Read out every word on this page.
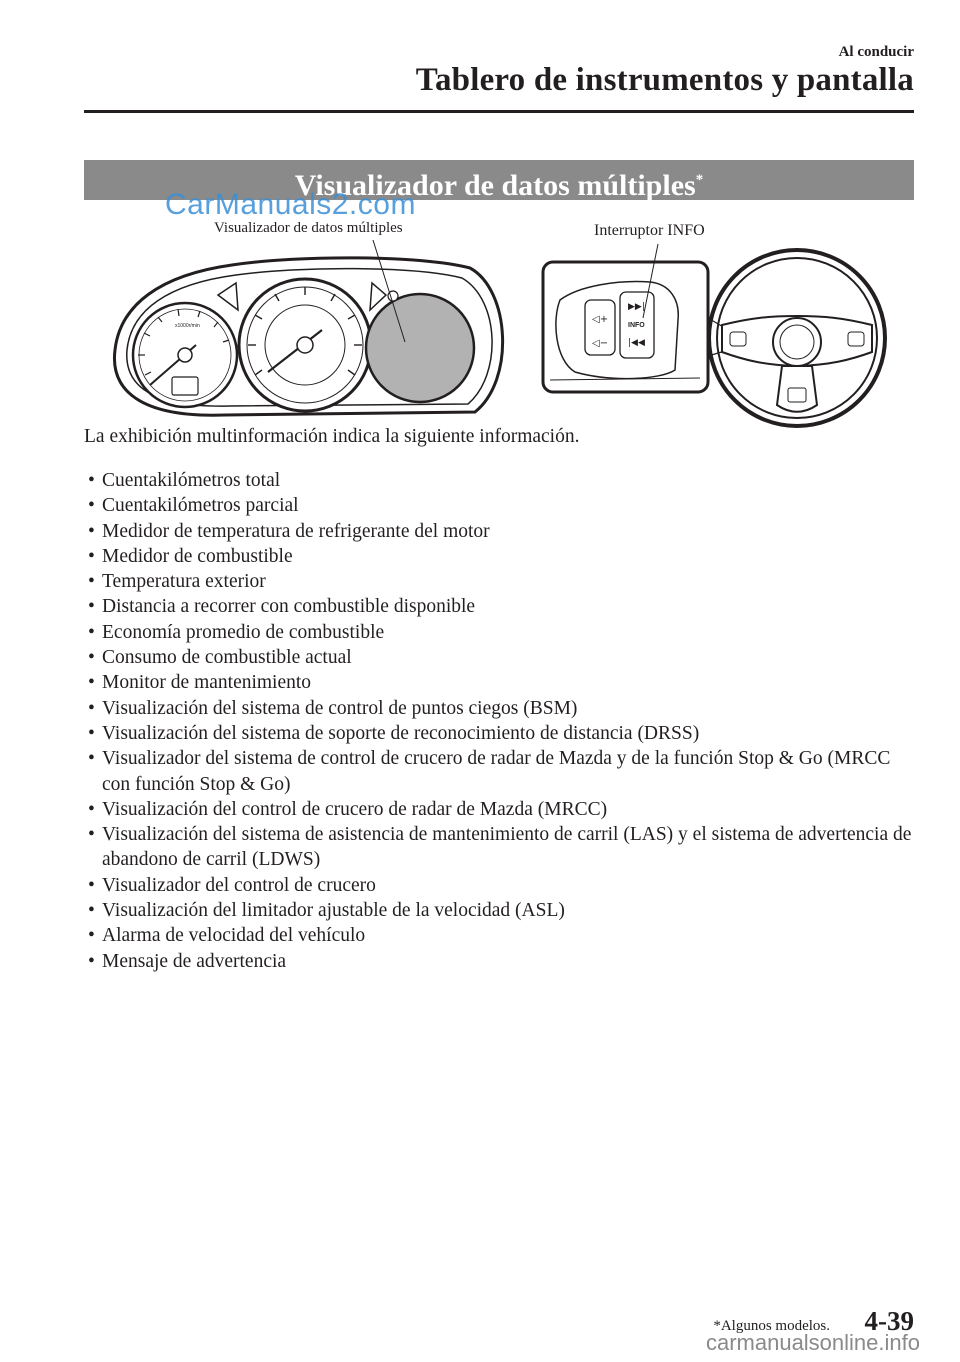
Al conducir
Tablero de instrumentos y pantalla
Visualizador de datos múltiples*
CarManuals2.com
Visualizador de datos múltiples	Interruptor INFO
x1000r/min
◁+
◁−
▶▶|
INFO
|◀◀
La exhibición multinformación indica la siguiente información.
• Cuentakilómetros total
• Cuentakilómetros parcial
• Medidor de temperatura de refrigerante del motor
• Medidor de combustible
• Temperatura exterior
• Distancia a recorrer con combustible disponible
• Economía promedio de combustible
• Consumo de combustible actual
• Monitor de mantenimiento
• Visualización del sistema de control de puntos ciegos (BSM)
• Visualización del sistema de soporte de reconocimiento de distancia (DRSS)
• Visualizador del sistema de control de crucero de radar de Mazda y de la función Stop & Go (MRCC con función Stop & Go)
• Visualización del control de crucero de radar de Mazda (MRCC)
• Visualización del sistema de asistencia de mantenimiento de carril (LAS) y el sistema de advertencia de abandono de carril (LDWS)
• Visualizador del control de crucero
• Visualización del limitador ajustable de la velocidad (ASL)
• Alarma de velocidad del vehículo
• Mensaje de advertencia
*Algunos modelos. 4-39
carmanualsonline.info
